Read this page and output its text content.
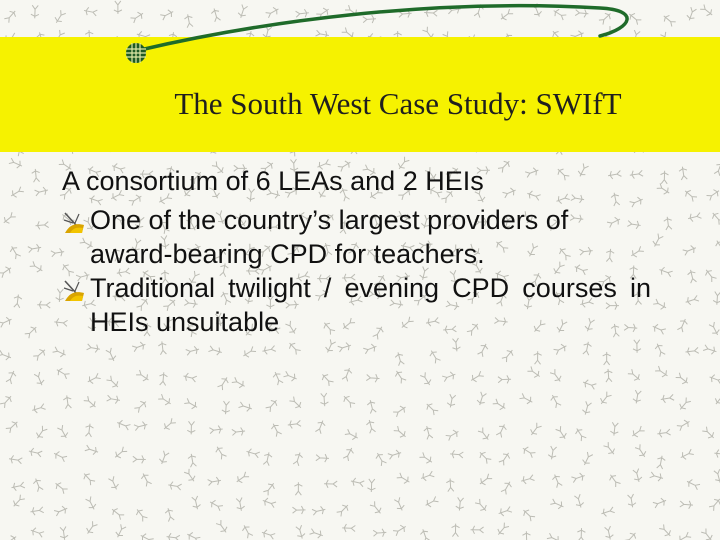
The South West Case Study: SWIfT

A consortium of 6 LEAs and 2 HEIs

One of the country’s largest providers of award-bearing CPD for teachers.
Traditional twilight / evening CPD courses in HEIs unsuitable
